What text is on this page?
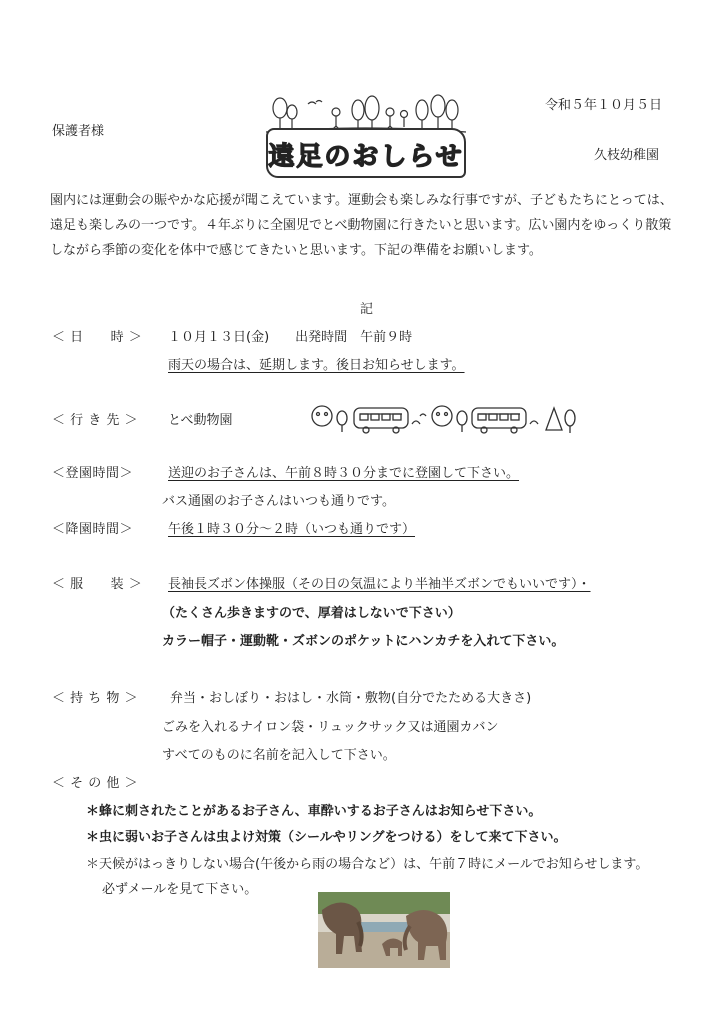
保護者様
令和５年１０月５日
久枝幼稚園
遠足のおしらせ
園内には運動会の賑やかな応援が聞こえています。運動会も楽しみな行事ですが、子どもたちにとっては、遠足も楽しみの一つです。４年ぶりに全園児でとべ動物園に行きたいと思います。広い園内をゆっくり散策しながら季節の変化を体中で感じてきたいと思います。下記の準備をお願いします。
記
＜ 日　　時 ＞ １０月１３日(金)　　出発時間　午前９時
雨天の場合は、延期します。後日お知らせします。
＜ 行 き 先 ＞ とべ動物園
＜登園時間＞	送迎のお子さんは、午前８時３０分までに登園して下さい。
バス通園のお子さんはいつも通りです。
＜降園時間＞	午後１時３０分～２時（いつも通りです）
＜ 服　　装 ＞ 長袖長ズボン体操服（その日の気温により半袖半ズボンでもいいです）・
（たくさん歩きますので、厚着はしないで下さい）
カラー帽子・運動靴・ズボンのポケットにハンカチを入れて下さい。
＜ 持 ち 物 ＞ 弁当・おしぼり・おはし・水筒・敷物(自分でたためる大きさ)
ごみを入れるナイロン袋・リュックサック又は通園カバン
すべてのものに名前を記入して下さい。
＜ そ の 他 ＞
＊蜂に刺されたことがあるお子さん、車酔いするお子さんはお知らせ下さい。
＊虫に弱いお子さんは虫よけ対策（シールやリングをつける）をして来て下さい。
＊天候がはっきりしない場合(午後から雨の場合など）は、午前７時にメールでお知らせします。
必ずメールを見て下さい。
